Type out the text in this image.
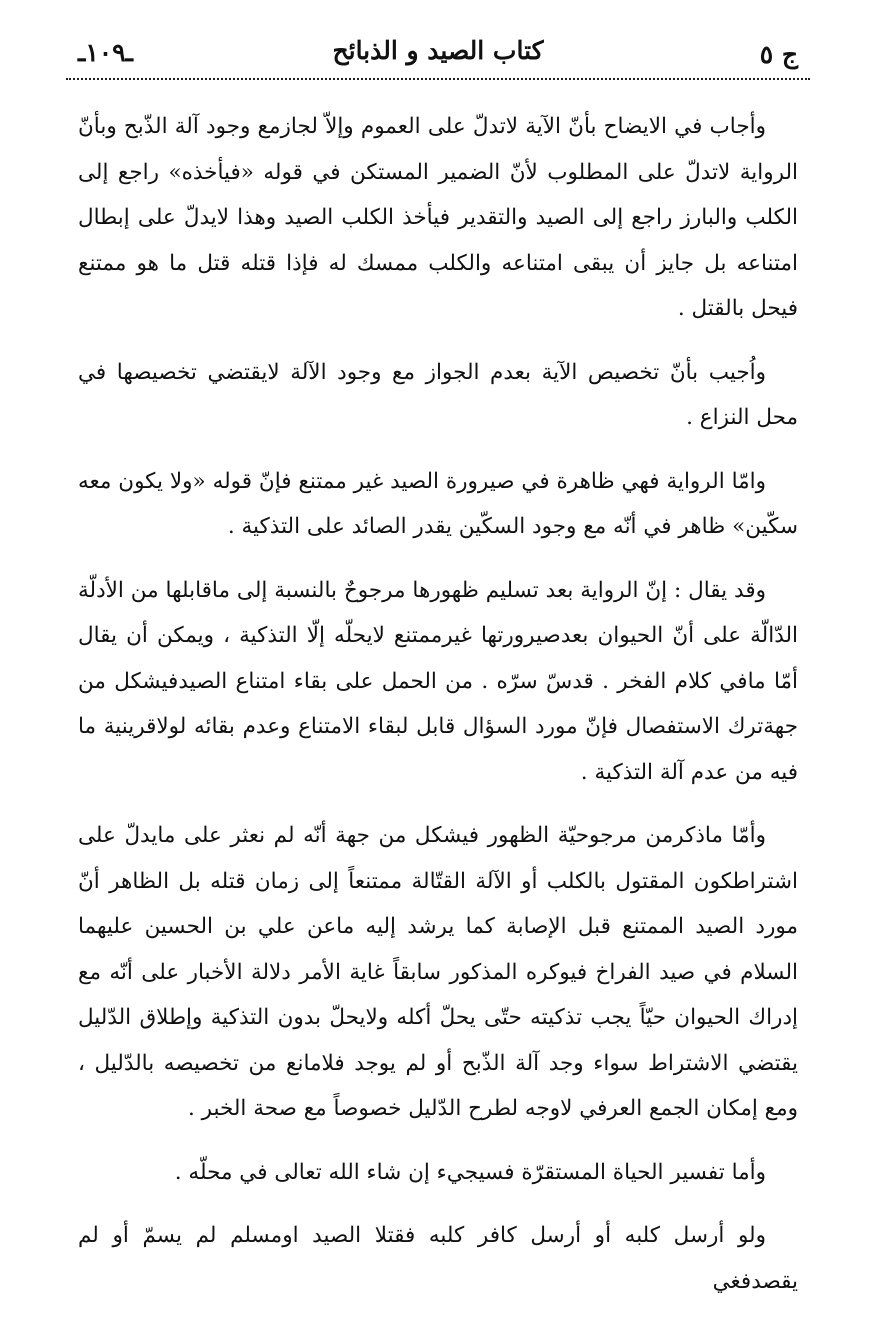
ج ٥
كتاب الصيد و الذبائح
ـ١٠٩ـ

وأجاب في الايضاح بأنّ الآية لاتدلّ على العموم وإلاّ لجازمع وجود آلة الذّبح وبأنّ الرواية لاتدلّ على المطلوب لأنّ الضمير المستكن في قوله «فيأخذه» راجع إلى الكلب والبارز راجع إلى الصيد والتقدير فيأخذ الكلب الصيد وهذا لايدلّ على إبطال امتناعه بل جايز أن يبقى امتناعه والكلب ممسك له فإذا قتله قتل ما هو ممتنع فيحل بالقتل .

واُجيب بأنّ تخصيص الآية بعدم الجواز مع وجود الآلة لايقتضي تخصيصها في محل النزاع .

وامّا الرواية فهي ظاهرة في صيرورة الصيد غير ممتنع فإنّ قوله «ولا يكون معه سكّين» ظاهر في أنّه مع وجود السكّين يقدر الصائد على التذكية .

وقد يقال : إنّ الرواية بعد تسليم ظهورها مرجوحٌ بالنسبة إلى ماقابلها من الأدلّة الدّالّة على أنّ الحيوان بعدصيرورتها غيرممتنع لايحلّه إلّا التذكية ، ويمكن أن يقال أمّا مافي كلام الفخر . قدسّ سرّه . من الحمل على بقاء امتناع الصيدفيشكل من جهةترك الاستفصال فإنّ مورد السؤال قابل لبقاء الامتناع وعدم بقائه لولاقرينية ما فيه من عدم آلة التذكية .

وأمّا ماذكرمن مرجوحيّة الظهور فيشكل من جهة أنّه لم نعثر على مايدلّ على اشتراطكون المقتول بالكلب أو الآلة القتّالة ممتنعاً إلى زمان قتله بل الظاهر أنّ مورد الصيد الممتنع قبل الإصابة كما يرشد إليه ماعن علي بن الحسين عليهما السلام في صيد الفراخ فيوكره المذكور سابقاً غاية الأمر دلالة الأخبار على أنّه مع إدراك الحيوان حيّاً يجب تذكيته حتّى يحلّ أكله ولايحلّ بدون التذكية وإطلاق الدّليل يقتضي الاشتراط سواء وجد آلة الذّبح أو لم يوجد فلامانع من تخصيصه بالدّليل ، ومع إمكان الجمع العرفي لاوجه لطرح الدّليل خصوصاً مع صحة الخبر .

وأما تفسير الحياة المستقرّة فسيجيء إن شاء الله تعالى في محلّه .

ولو أرسل كلبه أو أرسل كافر كلبه فقتلا الصيد اومسلم لم يسمّ أو لم يقصدفغي
